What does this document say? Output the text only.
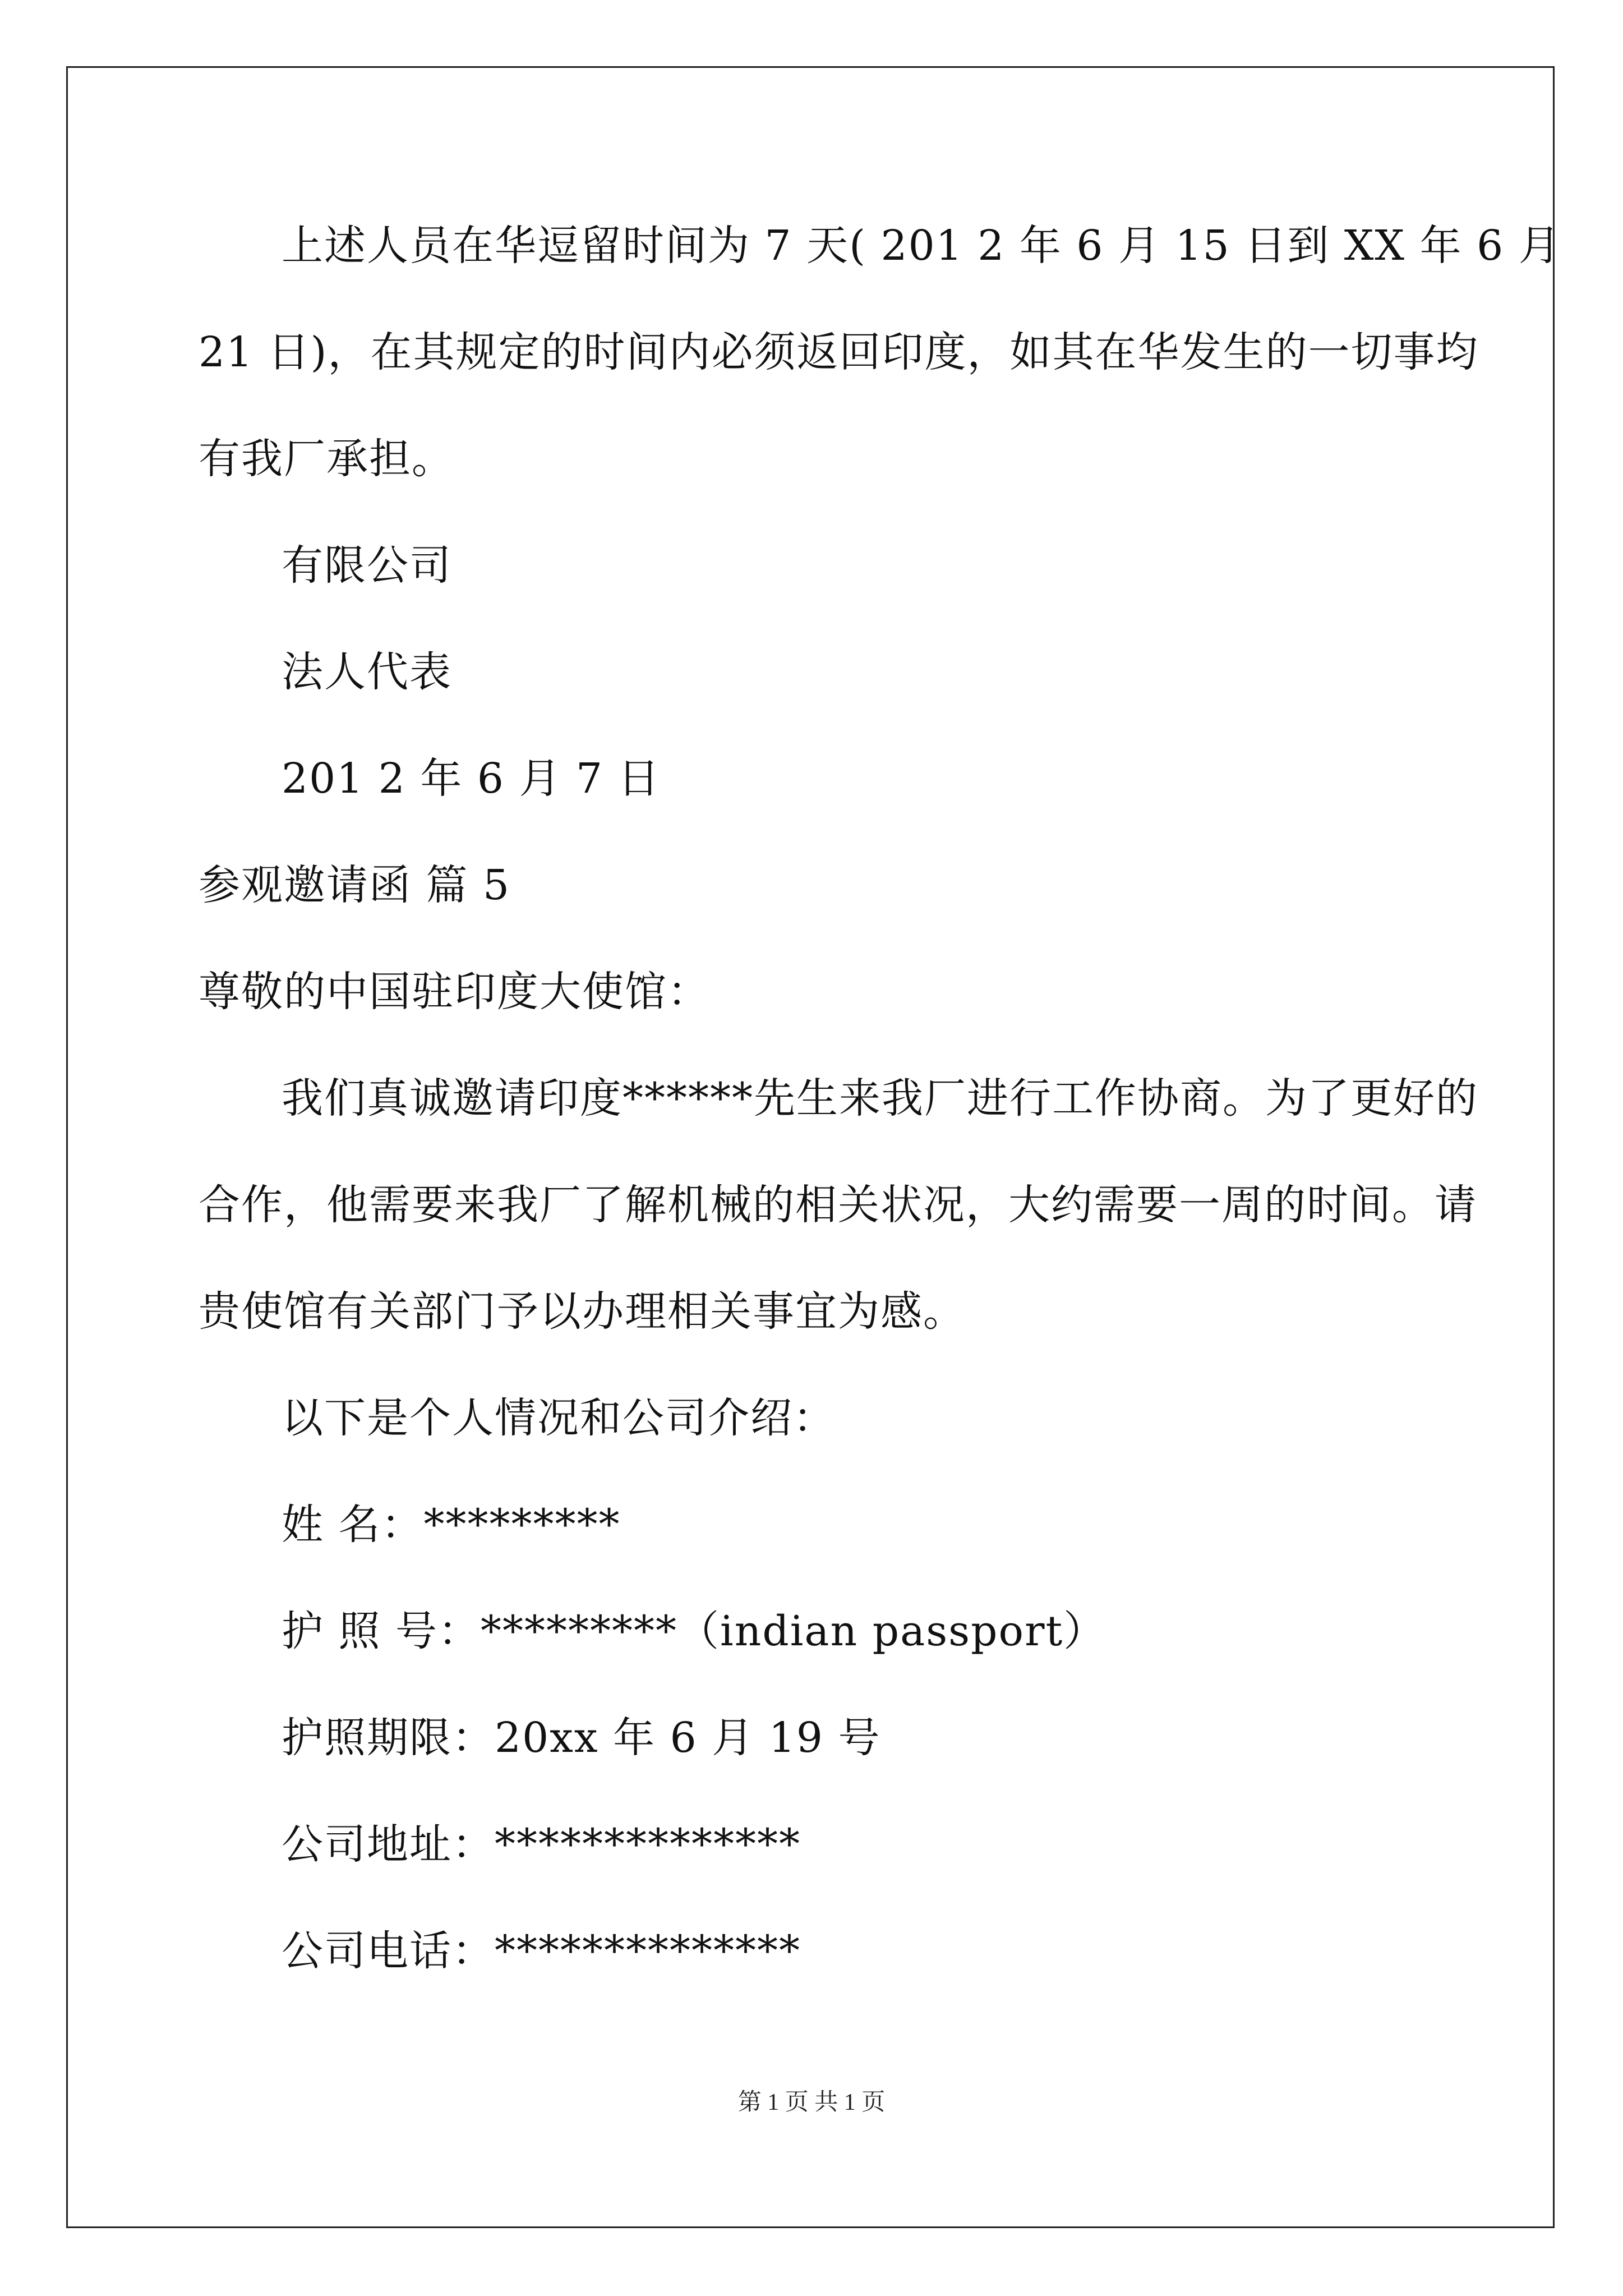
上述人员在华逗留时间为 7 天( 201 2 年 6 月 15 日到 XX 年 6 月
21 日)，在其规定的时间内必须返回印度，如其在华发生的一切事均
有我厂承担。
有限公司
法人代表
201 2 年 6 月 7 日
参观邀请函 篇 5
尊敬的中国驻印度大使馆：
我们真诚邀请印度******先生来我厂进行工作协商。为了更好的
合作，他需要来我厂了解机械的相关状况，大约需要一周的时间。请
贵使馆有关部门予以办理相关事宜为感。
以下是个人情况和公司介绍：
姓 名：*********
护 照 号：*********（indian passport）
护照期限：20xx 年 6 月 19 号
公司地址：**************
公司电话：**************
第 1 页 共 1 页
